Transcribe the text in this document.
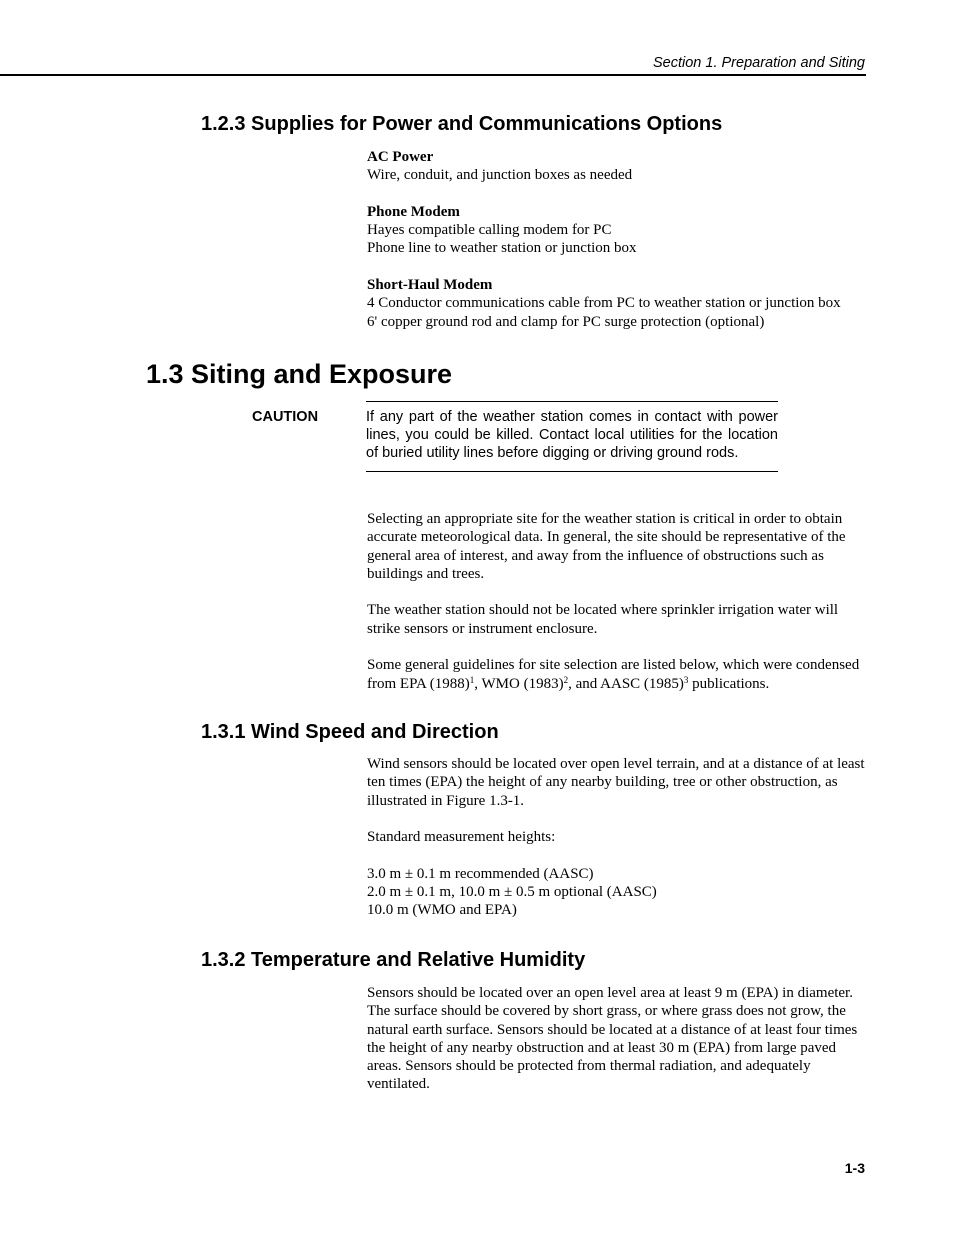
Section 1. Preparation and Siting
1.2.3 Supplies for Power and Communications Options

AC Power

Wire, conduit, and junction boxes as needed

Phone Modem

Hayes compatible calling modem for PC

Phone line to weather station or junction box

Short-Haul Modem

4 Conductor communications cable from PC to weather station or junction box

6' copper ground rod and clamp for PC surge protection (optional)

1.3 Siting and Exposure
CAUTION	If any part of the weather station comes in contact with power lines, you could be killed. Contact local utilities for the location of buried utility lines before digging or driving ground rods.

Selecting an appropriate site for the weather station is critical in order to obtain accurate meteorological data. In general, the site should be representative of the general area of interest, and away from the influence of obstructions such as buildings and trees.

The weather station should not be located where sprinkler irrigation water will strike sensors or instrument enclosure.

Some general guidelines for site selection are listed below, which were condensed from EPA $(1988)^1$, WMO $(1983)^2$, and AASC $(1985)^3$ publications.

1.3.1 Wind Speed and Direction

Wind sensors should be located over open level terrain, and at a distance of at least ten times (EPA) the height of any nearby building, tree or other obstruction, as illustrated in Figure 1.3-1.

Standard measurement heights:

3.0 m ± 0.1 m recommended (AASC)

2.0 m ± 0.1 m, 10.0 m ± 0.5 m optional (AASC)

10.0 m (WMO and EPA)

1.3.2 Temperature and Relative Humidity

Sensors should be located over an open level area at least 9 m (EPA) in diameter. The surface should be covered by short grass, or where grass does not grow, the natural earth surface. Sensors should be located at a distance of at least four times the height of any nearby obstruction and at least 30 m (EPA) from large paved areas. Sensors should be protected from thermal radiation, and adequately ventilated.

1-3
